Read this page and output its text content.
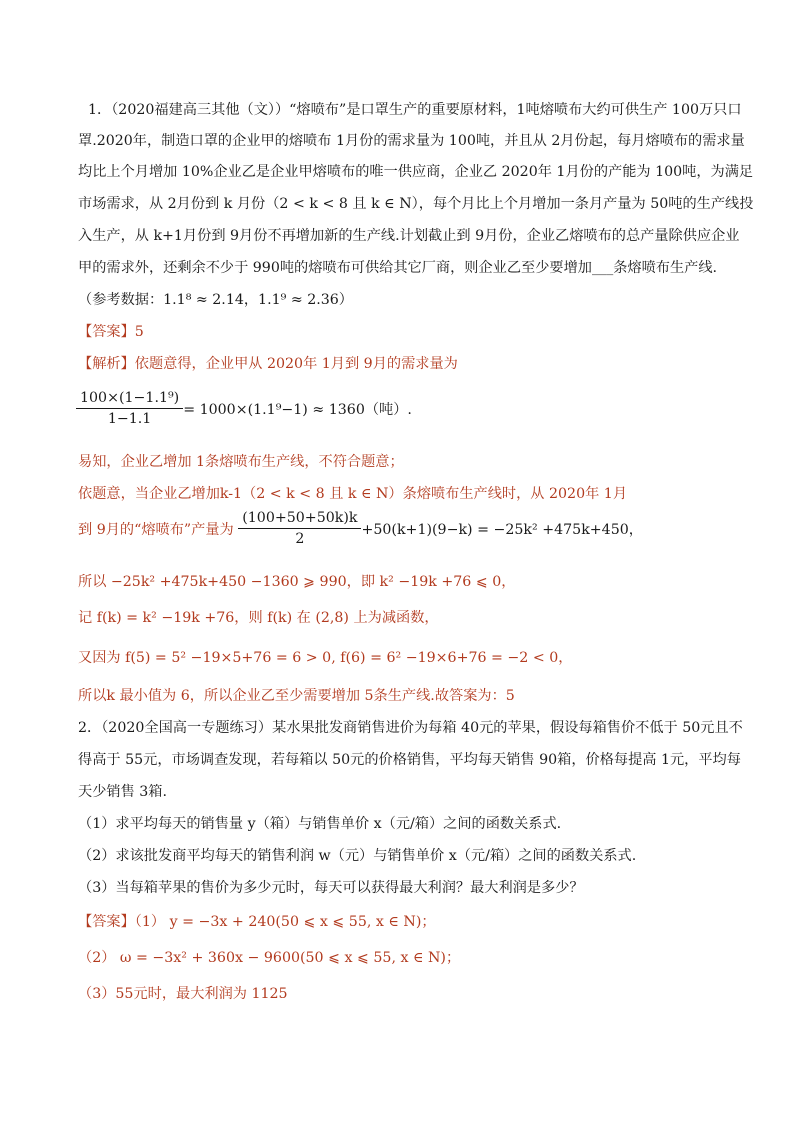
1．（2020福建高三其他（文））“熔喷布”是口罩生产的重要原材料，1吨熔喷布大约可供生产 100万只口
罩.2020年，制造口罩的企业甲的熔喷布 1月份的需求量为 100吨，并且从 2月份起，每月熔喷布的需求量
均比上个月增加 10%企业乙是企业甲熔喷布的唯一供应商，企业乙 2020年 1月份的产能为 100吨，为满足
市场需求，从 2月份到 k 月份（2 < k < 8 且 k ∈ N），每个月比上个月增加一条月产量为 50吨的生产线投
入生产，从 k+1月份到 9月份不再增加新的生产线.计划截止到 9月份，企业乙熔喷布的总产量除供应企业
甲的需求外，还剩余不少于 990吨的熔喷布可供给其它厂商，则企业乙至少要增加___条熔喷布生产线.
（参考数据：1.1⁸ ≈ 2.14，1.1⁹ ≈ 2.36）
【答案】5
【解析】依题意得，企业甲从 2020年 1月到 9月的需求量为
$\frac{\text{100×(1−1.1⁹)}}{1-1.1} = 1000\times(1.1^9-1) \approx 1360$（吨）.
易知，企业乙增加 1条熔喷布生产线，不符合题意；
依题意，当企业乙增加k-1（2 < k < 8 且 k ∈ N）条熔喷布生产线时，从 2020年 1月
到 9月的“熔喷布”产量为 $\frac{(100+50+50k)k}{2} +50(k+1)(9-k) = -25k^2 +475k+450$，
所以 −25k² +475k+450 −1360 ⩾ 990，即 k² −19k +76 ⩽ 0，
记 f(k) = k² −19k +76，则 f(k) 在 (2,8) 上为减函数，
又因为 f(5) = 5² −19×5+76 = 6 > 0, f(6) = 6² −19×6+76 = −2 < 0，
所以k 最小值为 6，所以企业乙至少需要增加 5条生产线.故答案为：5
2．（2020全国高一专题练习）某水果批发商销售进价为每箱 40元的苹果，假设每箱售价不低于 50元且不
得高于 55元，市场调查发现，若每箱以 50元的价格销售，平均每天销售 90箱，价格每提高 1元，平均每
天少销售 3箱.
（1）求平均每天的销售量 y（箱）与销售单价 x（元/箱）之间的函数关系式.
（2）求该批发商平均每天的销售利润 w（元）与销售单价 x（元/箱）之间的函数关系式.
（3）当每箱苹果的售价为多少元时，每天可以获得最大利润？最大利润是多少？
【答案】（1） y = −3x + 240(50 ⩽ x ⩽ 55, x ∈ N)；
（2） ω = −3x² + 360x − 9600(50 ⩽ x ⩽ 55, x ∈ N)；
（3）55元时，最大利润为 1125
